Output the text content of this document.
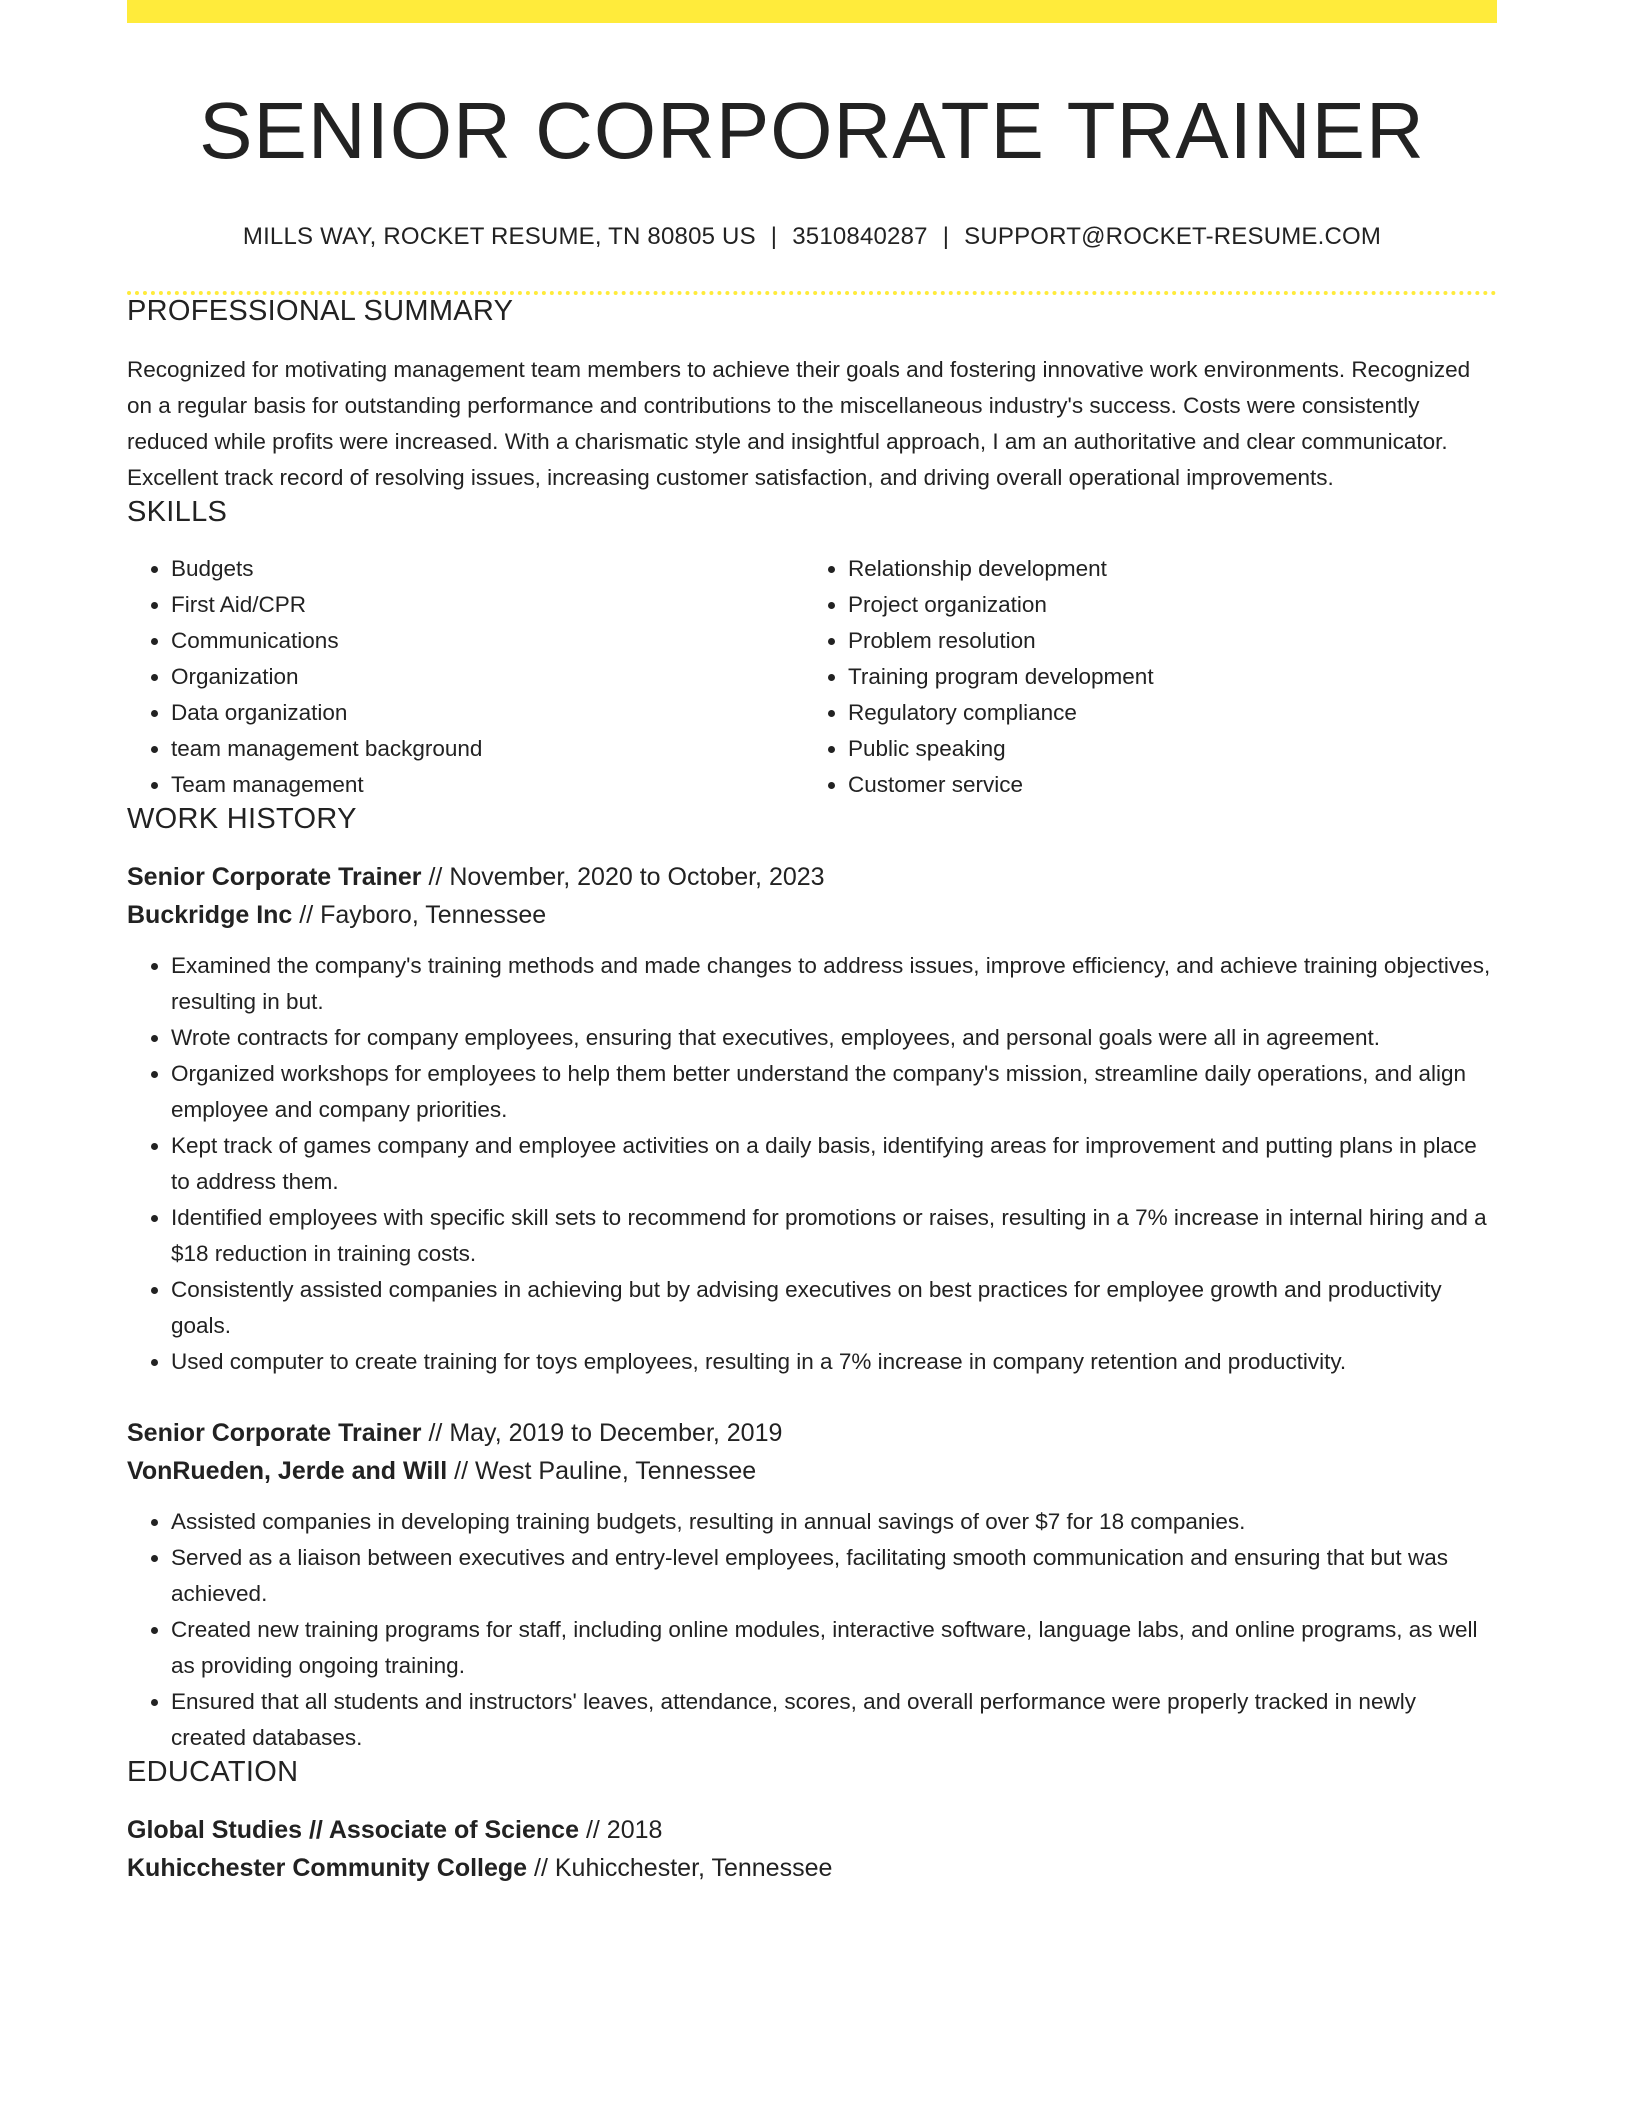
SENIOR CORPORATE TRAINER
MILLS WAY, ROCKET RESUME, TN 80805 US | 3510840287 | SUPPORT@ROCKET-RESUME.COM
PROFESSIONAL SUMMARY
Recognized for motivating management team members to achieve their goals and fostering innovative work environments. Recognized on a regular basis for outstanding performance and contributions to the miscellaneous industry's success. Costs were consistently reduced while profits were increased. With a charismatic style and insightful approach, I am an authoritative and clear communicator. Excellent track record of resolving issues, increasing customer satisfaction, and driving overall operational improvements.
SKILLS
• Budgets
• First Aid/CPR
• Communications
• Organization
• Data organization
• team management background
• Team management
• Relationship development
• Project organization
• Problem resolution
• Training program development
• Regulatory compliance
• Public speaking
• Customer service
WORK HISTORY
Senior Corporate Trainer // November, 2020 to October, 2023
Buckridge Inc // Fayboro, Tennessee
• Examined the company's training methods and made changes to address issues, improve efficiency, and achieve training objectives, resulting in but.
• Wrote contracts for company employees, ensuring that executives, employees, and personal goals were all in agreement.
• Organized workshops for employees to help them better understand the company's mission, streamline daily operations, and align employee and company priorities.
• Kept track of games company and employee activities on a daily basis, identifying areas for improvement and putting plans in place to address them.
• Identified employees with specific skill sets to recommend for promotions or raises, resulting in a 7% increase in internal hiring and a $18 reduction in training costs.
• Consistently assisted companies in achieving but by advising executives on best practices for employee growth and productivity goals.
• Used computer to create training for toys employees, resulting in a 7% increase in company retention and productivity.
Senior Corporate Trainer // May, 2019 to December, 2019
VonRueden, Jerde and Will // West Pauline, Tennessee
• Assisted companies in developing training budgets, resulting in annual savings of over $7 for 18 companies.
• Served as a liaison between executives and entry-level employees, facilitating smooth communication and ensuring that but was achieved.
• Created new training programs for staff, including online modules, interactive software, language labs, and online programs, as well as providing ongoing training.
• Ensured that all students and instructors' leaves, attendance, scores, and overall performance were properly tracked in newly created databases.
EDUCATION
Global Studies // Associate of Science // 2018
Kuhicchester Community College // Kuhicchester, Tennessee
